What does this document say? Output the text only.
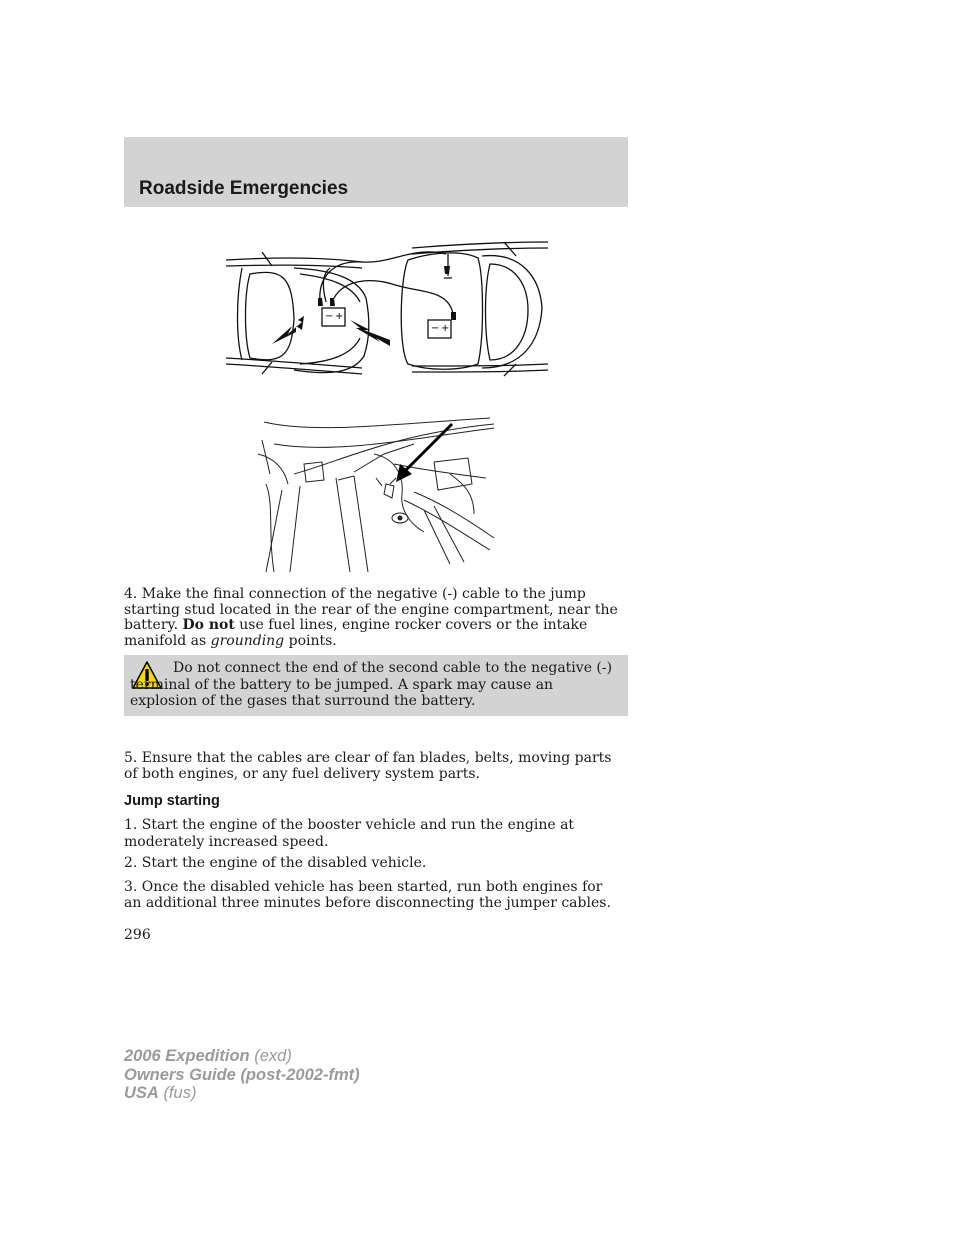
Roadside Emergencies
− +
− +
4. Make the final connection of the negative (-) cable to the jump starting stud located in the rear of the engine compartment, near the battery. Do not use fuel lines, engine rocker covers or the intake manifold as grounding points.
Do not connect the end of the second cable to the negative (-) terminal of the battery to be jumped. A spark may cause an explosion of the gases that surround the battery.
5. Ensure that the cables are clear of fan blades, belts, moving parts of both engines, or any fuel delivery system parts.
Jump starting
1. Start the engine of the booster vehicle and run the engine at moderately increased speed.
2. Start the engine of the disabled vehicle.
3. Once the disabled vehicle has been started, run both engines for an additional three minutes before disconnecting the jumper cables.
296
2006 Expedition (exd)
Owners Guide (post-2002-fmt)
USA (fus)
